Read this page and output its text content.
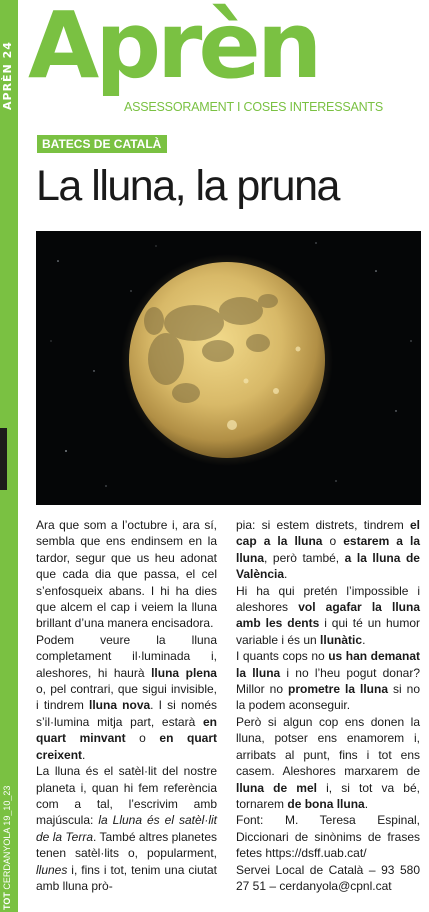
APRÈN 24
TOT CERDANYOLA 19_10_23
Aprèn
ASSESSORAMENT I COSES INTERESSANTS
BATECS DE CATALÀ
La lluna, la pruna

Ara que som a l’octubre i, ara sí, sembla que ens endinsem en la tardor, segur que us heu adonat que cada dia que passa, el cel s’enfosqueix abans. I hi ha dies que alcem el cap i veiem la lluna brillant d’una manera encisadora.

Podem veure la lluna completament il·luminada i, aleshores, hi haurà lluna plena o, pel contrari, que sigui invisible, i tindrem lluna nova. I si només s’il·lumina mitja part, estarà en quart minvant o en quart creixent.

La lluna és el satèl·lit del nostre planeta i, quan hi fem referència com a tal, l’escrivim amb majúscula: la Lluna és el satèl·lit de la Terra. També altres planetes tenen satèl·lits o, popularment, llunes i, fins i tot, tenim una ciutat amb lluna prò-

pia: si estem distrets, tindrem el cap a la lluna o estarem a la lluna, però també, a la lluna de València.

Hi ha qui pretén l’impossible i aleshores vol agafar la lluna amb les dents i qui té un humor variable i és un llunàtic.

I quants cops no us han demanat la lluna i no l’heu pogut donar? Millor no prometre la lluna si no la podem aconseguir.

Però si algun cop ens donen la lluna, potser ens enamorem i, arribats al punt, fins i tot ens casem. Aleshores marxarem de lluna de mel i, si tot va bé, tornarem de bona lluna.

Font: M. Teresa Espinal, Diccionari de sinònims de frases fetes https://dsff.uab.cat/

Servei Local de Català – 93 580 27 51 – cerdanyola@cpnl.cat
